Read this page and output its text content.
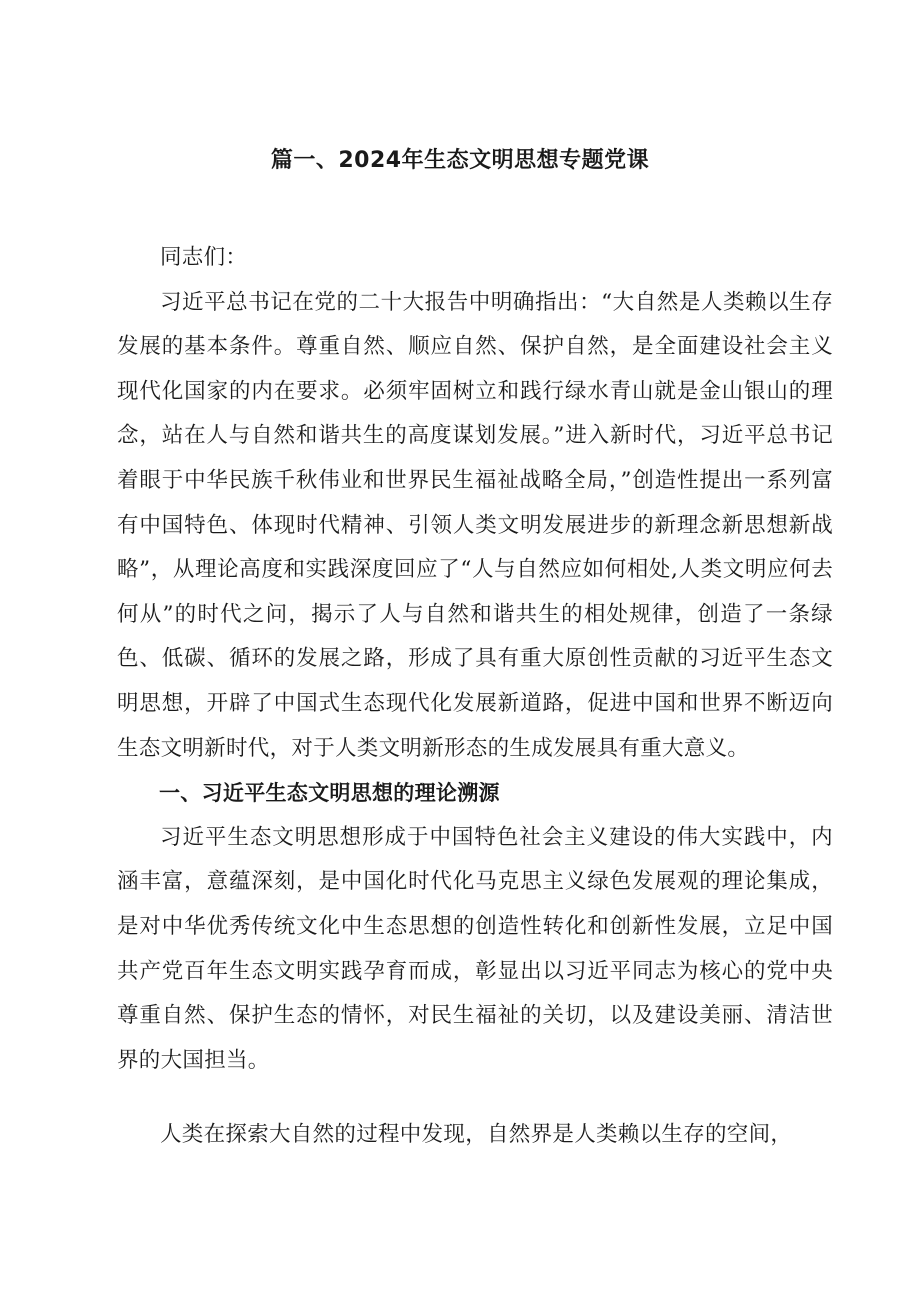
篇一、2024年生态文明思想专题党课

同志们：

习近平总书记在党的二十大报告中明确指出：“大自然是人类赖以生存发展的基本条件。尊重自然、顺应自然、保护自然，是全面建设社会主义现代化国家的内在要求。必须牢固树立和践行绿水青山就是金山银山的理念，站在人与自然和谐共生的高度谋划发展。”进入新时代，习近平总书记着眼于中华民族千秋伟业和世界民生福祉战略全局，”创造性提出一系列富有中国特色、体现时代精神、引领人类文明发展进步的新理念新思想新战略”，从理论高度和实践深度回应了“人与自然应如何相处,人类文明应何去何从”的时代之问，揭示了人与自然和谐共生的相处规律，创造了一条绿色、低碳、循环的发展之路，形成了具有重大原创性贡献的习近平生态文明思想，开辟了中国式生态现代化发展新道路，促进中国和世界不断迈向生态文明新时代，对于人类文明新形态的生成发展具有重大意义。

一、习近平生态文明思想的理论溯源

习近平生态文明思想形成于中国特色社会主义建设的伟大实践中，内涵丰富，意蕴深刻，是中国化时代化马克思主义绿色发展观的理论集成，是对中华优秀传统文化中生态思想的创造性转化和创新性发展，立足中国共产党百年生态文明实践孕育而成，彰显出以习近平同志为核心的党中央尊重自然、保护生态的情怀，对民生福祉的关切，以及建设美丽、清洁世界的大国担当。

人类在探索大自然的过程中发现，自然界是人类赖以生存的空间，
